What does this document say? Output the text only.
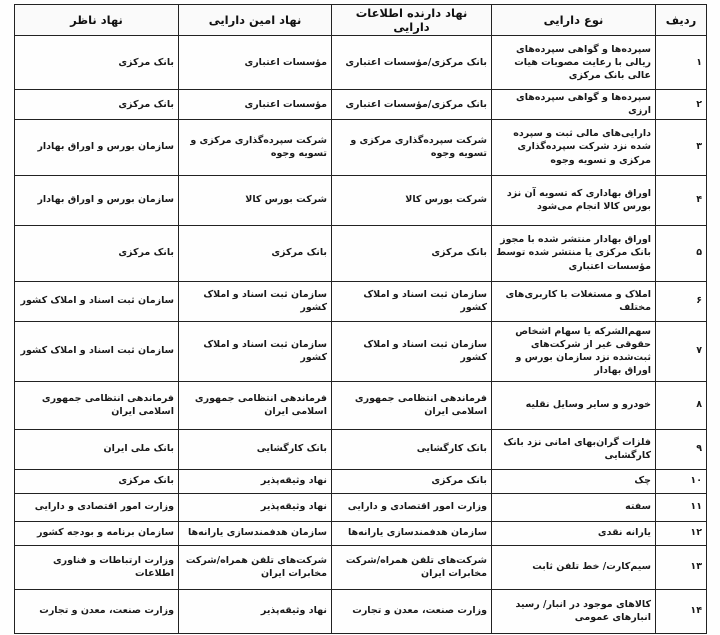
ردیف	نوع دارایی	نهاد دارنده اطلاعات دارایی	نهاد امین دارایی	نهاد ناظر
۱	سپرده‌ها و گواهی سپرده‌های ریالی با رعایت مصوبات هیات عالی بانک مرکزی	بانک مرکزی/مؤسسات اعتباری	مؤسسات اعتباری	بانک مرکزی
۲	سپرده‌ها و گواهی سپرده‌های ارزی	بانک مرکزی/مؤسسات اعتباری	مؤسسات اعتباری	بانک مرکزی
۳	دارایی‌های مالی ثبت و سپرده شده نزد شرکت سپرده‌گذاری مرکزی و تسویه وجوه	شرکت سپرده‌گذاری مرکزی و تسویه وجوه	شرکت سپرده‌گذاری مرکزی و تسویه وجوه	سازمان بورس و اوراق بهادار
۴	اوراق بهاداری که تسویه آن نزد بورس کالا انجام می‌شود	شرکت بورس کالا	شرکت بورس کالا	سازمان بورس و اوراق بهادار
۵	اوراق بهادار منتشر شده با مجوز بانک مرکزی یا منتشر شده توسط مؤسسات اعتباری	بانک مرکزی	بانک مرکزی	بانک مرکزی
۶	املاک و مستغلات با کاربری‌های مختلف	سازمان ثبت اسناد و املاک کشور	سازمان ثبت اسناد و املاک کشور	سازمان ثبت اسناد و املاک کشور
۷	سهم‌الشرکه یا سهام اشخاص حقوقی غیر از شرکت‌های ثبت‌شده نزد سازمان بورس و اوراق بهادار	سازمان ثبت اسناد و املاک کشور	سازمان ثبت اسناد و املاک کشور	سازمان ثبت اسناد و املاک کشور
۸	خودرو و سایر وسایل نقلیه	فرماندهی انتظامی جمهوری اسلامی ایران	فرماندهی انتظامی جمهوری اسلامی ایران	فرماندهی انتظامی جمهوری اسلامی ایران
۹	فلزات گران‌بهای امانی نزد بانک کارگشایی	بانک کارگشایی	بانک کارگشایی	بانک ملی ایران
۱۰	چک	بانک مرکزی	نهاد وثیقه‌پذیر	بانک مرکزی
۱۱	سفته	وزارت امور اقتصادی و دارایی	نهاد وثیقه‌پذیر	وزارت امور اقتصادی و دارایی
۱۲	یارانه نقدی	سازمان هدفمندسازی یارانه‌ها	سازمان هدفمندسازی یارانه‌ها	سازمان برنامه و بودجه کشور
۱۳	سیم‌کارت/ خط تلفن ثابت	شرکت‌های تلفن همراه/شرکت مخابرات ایران	شرکت‌های تلفن همراه/شرکت مخابرات ایران	وزارت ارتباطات و فناوری اطلاعات
۱۴	کالاهای موجود در انبار/ رسید انبارهای عمومی	وزارت صنعت، معدن و تجارت	نهاد وثیقه‌پذیر	وزارت صنعت، معدن و تجارت
